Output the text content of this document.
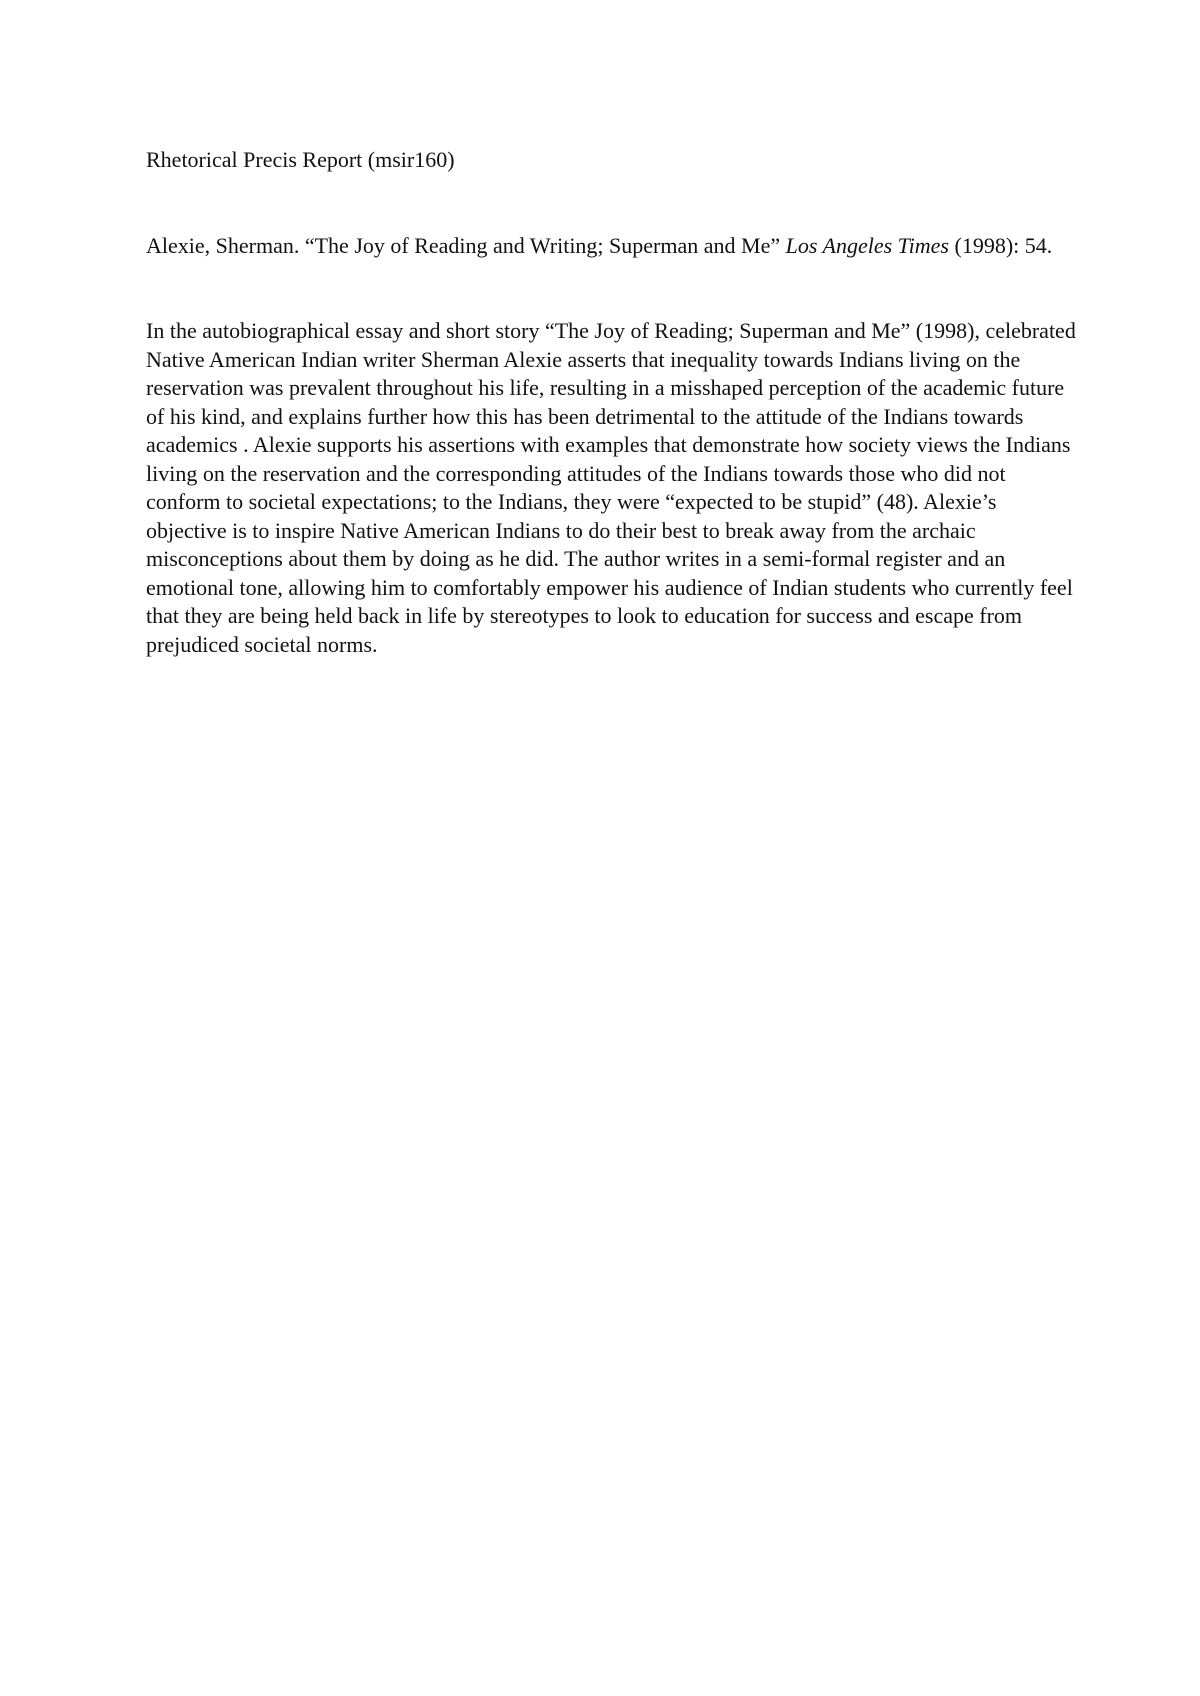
Rhetorical Precis Report (msir160)

Alexie, Sherman. “The Joy of Reading and Writing; Superman and Me” Los Angeles Times (1998): 54.

In the autobiographical essay and short story “The Joy of Reading; Superman and Me” (1998), celebrated Native American Indian writer Sherman Alexie asserts that inequality towards Indians living on the reservation was prevalent throughout his life, resulting in a misshaped perception of the academic future of his kind, and explains further how this has been detrimental to the attitude of the Indians towards academics . Alexie supports his assertions with examples that demonstrate how society views the Indians living on the reservation and the corresponding attitudes of the Indians towards those who did not conform to societal expectations; to the Indians, they were “expected to be stupid” (48). Alexie’s objective is to inspire Native American Indians to do their best to break away from the archaic misconceptions about them by doing as he did. The author writes in a semi-formal register and an emotional tone, allowing him to comfortably empower his audience of Indian students who currently feel that they are being held back in life by stereotypes to look to education for success and escape from prejudiced societal norms.
